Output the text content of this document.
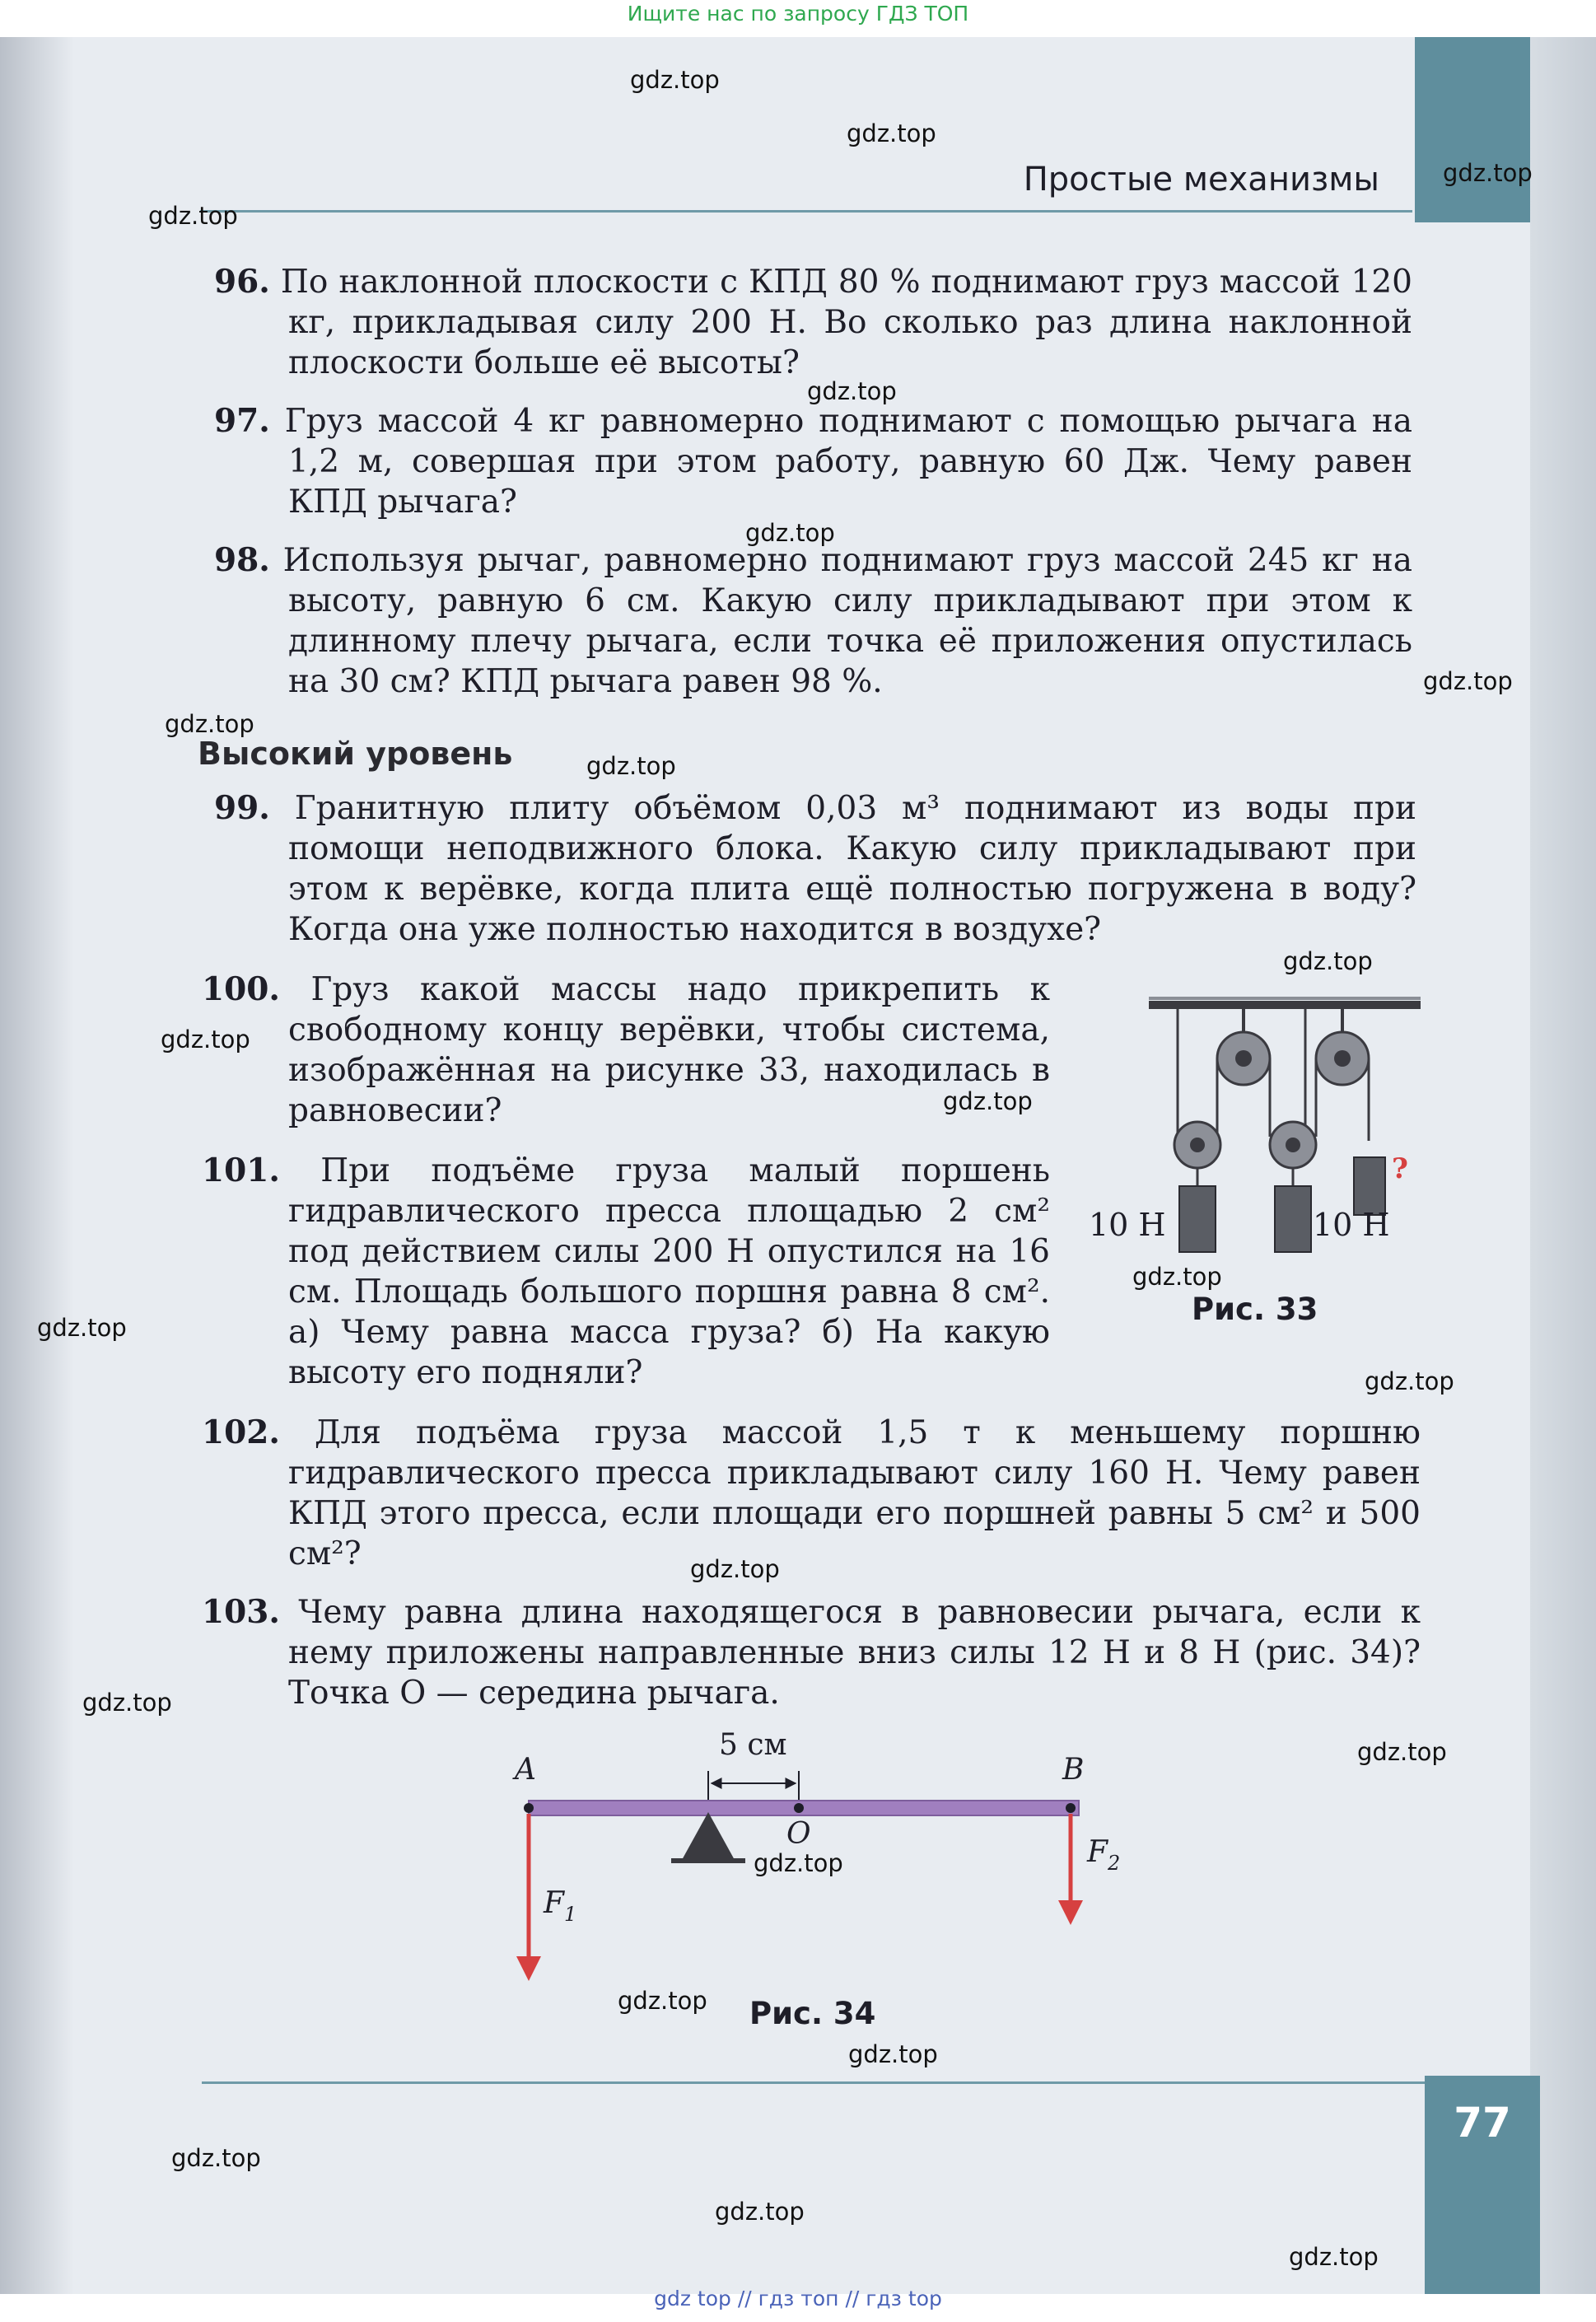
Ищите нас по запросу ГДЗ ТОП
gdz top // гдз топ // гдз top
Простые механизмы
96. По наклонной плоскости с КПД 80 % поднимают груз массой 120 кг, прикладывая силу 200 Н. Во сколько раз длина наклонной плоскости больше её высоты?
97. Груз массой 4 кг равномерно поднимают с помощью рычага на 1,2 м, совершая при этом работу, равную 60 Дж. Чему равен КПД рычага?
98. Используя рычаг, равномерно поднимают груз массой 245 кг на высоту, равную 6 см. Какую силу прикладывают при этом к длинному плечу рычага, если точка её приложения опустилась на 30 см? КПД рычага равен 98 %.
Высокий уровень
99. Гранитную плиту объёмом 0,03 м³ поднимают из воды при помощи неподвижного блока. Какую силу прикладывают при этом к верёвке, когда плита ещё полностью погружена в воду? Когда она уже полностью находится в воздухе?
100. Груз какой массы надо прикрепить к свободному концу верёвки, чтобы система, изображённая на рисунке 33, находилась в равновесии?
101. При подъёме груза малый поршень гидравлического пресса площадью 2 см² под действием силы 200 Н опустился на 16 см. Площадь большого поршня равна 8 см². а) Чему равна масса груза? б) На какую высоту его подняли?
102. Для подъёма груза массой 1,5 т к меньшему поршню гидравлического пресса прикладывают силу 160 Н. Чему равен КПД этого пресса, если площади его поршней равны 5 см² и 500 см²?
103. Чему равна длина находящегося в равновесии рычага, если к нему приложены направленные вниз силы 12 Н и 8 Н (рис. 34)? Точка О — середина рычага.
?
10 Н	10 Н
Рис. 33
5 см
A	B
O
$F_1$
$F_2$
Рис. 34
77
gdz.top
gdz.top
gdz.top
gdz.top
gdz.top
gdz.top
gdz.top
gdz.top
gdz.top
gdz.top
gdz.top
gdz.top
gdz.top
gdz.top
gdz.top
gdz.top
gdz.top
gdz.top
gdz.top
gdz.top
gdz.top
gdz.top
gdz.top
gdz.top
